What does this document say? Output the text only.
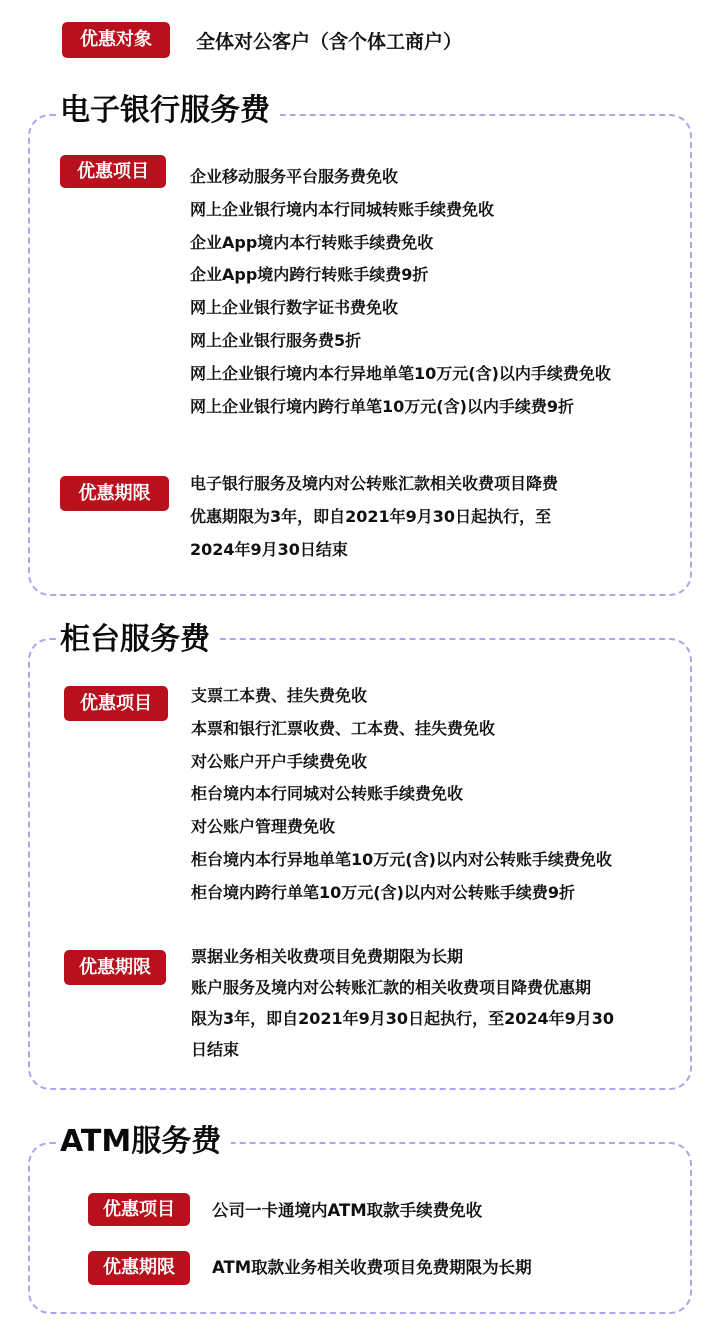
优惠对象	全体对公客户（含个体工商户）
电子银行服务费
优惠项目	企业移动服务平台服务费免收
网上企业银行境内本行同城转账手续费免收
企业App境内本行转账手续费免收
企业App境内跨行转账手续费9折
网上企业银行数字证书费免收
网上企业银行服务费5折
网上企业银行境内本行异地单笔10万元(含)以内手续费免收
网上企业银行境内跨行单笔10万元(含)以内手续费9折
优惠期限	电子银行服务及境内对公转账汇款相关收费项目降费
优惠期限为3年，即自2021年9月30日起执行，至
2024年9月30日结束
柜台服务费
优惠项目	支票工本费、挂失费免收
本票和银行汇票收费、工本费、挂失费免收
对公账户开户手续费免收
柜台境内本行同城对公转账手续费免收
对公账户管理费免收
柜台境内本行异地单笔10万元(含)以内对公转账手续费免收
柜台境内跨行单笔10万元(含)以内对公转账手续费9折
优惠期限
票据业务相关收费项目免费期限为长期
账户服务及境内对公转账汇款的相关收费项目降费优惠期
限为3年，即自2021年9月30日起执行，至2024年9月30
日结束
ATM服务费
优惠项目	公司一卡通境内ATM取款手续费免收
优惠期限	ATM取款业务相关收费项目免费期限为长期
